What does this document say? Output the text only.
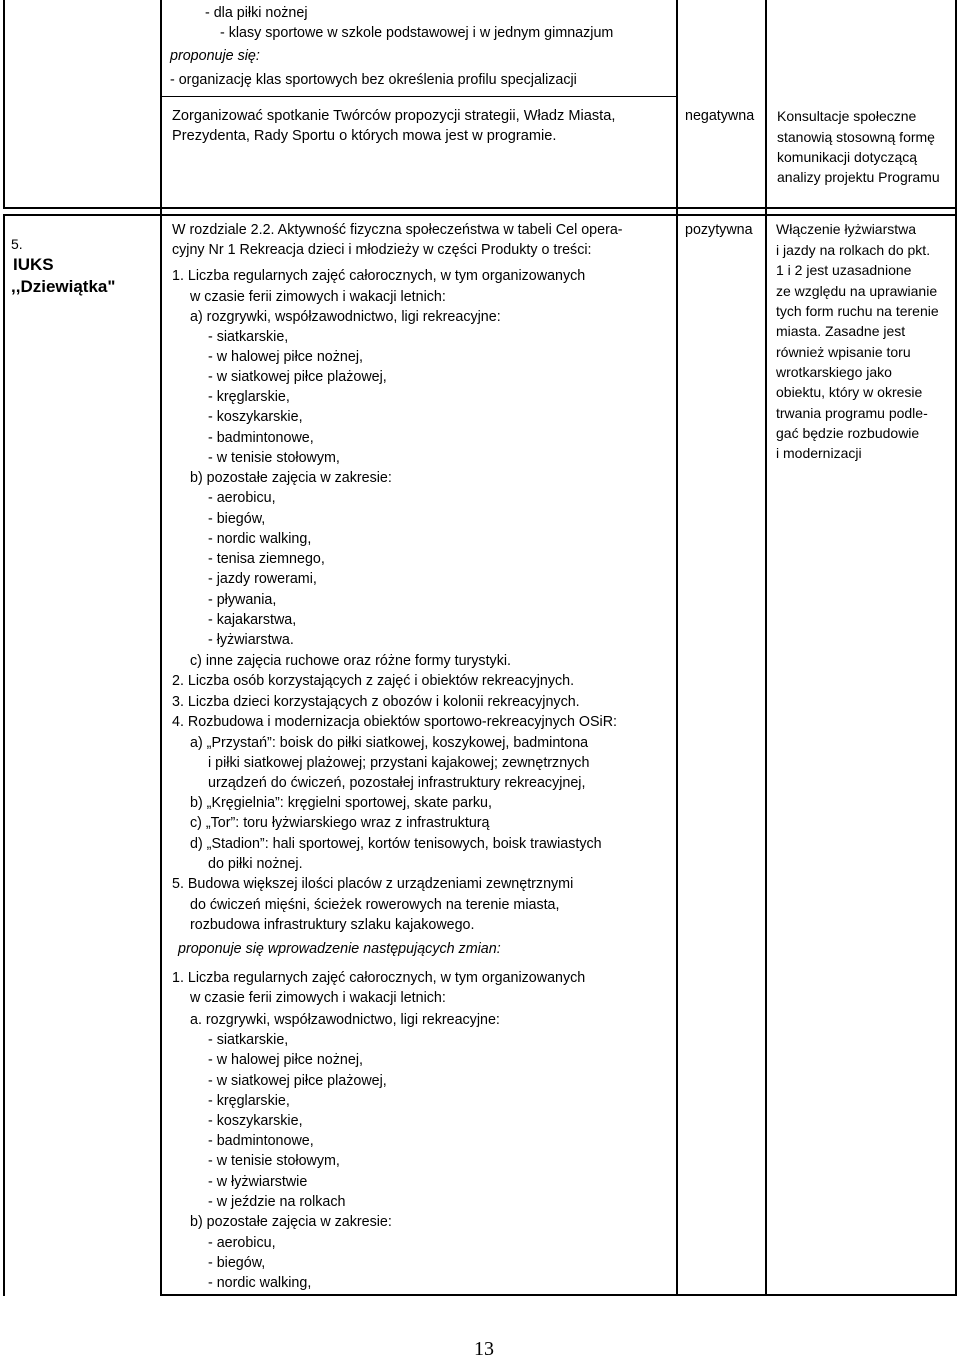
- dla piłki nożnej
- klasy sportowe w szkole podstawowej i w jednym gimnazjum
proponuje się:
- organizację klas sportowych bez określenia profilu specjalizacji
Zorganizować spotkanie Twórców propozycji strategii, Władz Miasta,
Prezydenta, Rady Sportu o których mowa jest w programie.
negatywna Konsultacje społeczne
stanowią stosowną formę
komunikacji dotyczącą
analizy projektu Programu
5.
IUKS
,,Dziewiątka"
pozytywna
W rozdziale 2.2. Aktywność fizyczna społeczeństwa w tabeli Cel opera-
cyjny Nr 1 Rekreacja dzieci i młodzieży w części Produkty o treści:
1. Liczba regularnych zajęć całorocznych, w tym organizowanych
w czasie ferii zimowych i wakacji letnich:
a) rozgrywki, współzawodnictwo, ligi rekreacyjne:
- siatkarskie,
- w halowej piłce nożnej,
- w siatkowej piłce plażowej,
- kręglarskie,
- koszykarskie,
- badmintonowe,
- w tenisie stołowym,
b) pozostałe zajęcia w zakresie:
- aerobicu,
- biegów,
- nordic walking,
- tenisa ziemnego,
- jazdy rowerami,
- pływania,
- kajakarstwa,
- łyżwiarstwa.
c) inne zajęcia ruchowe oraz różne formy turystyki.
2. Liczba osób korzystających z zajęć i obiektów rekreacyjnych.
3. Liczba dzieci korzystających z obozów i kolonii rekreacyjnych.
4. Rozbudowa i modernizacja obiektów sportowo-rekreacyjnych OSiR:
a) „Przystań”: boisk do piłki siatkowej, koszykowej, badmintona
i piłki siatkowej plażowej; przystani kajakowej; zewnętrznych
urządzeń do ćwiczeń, pozostałej infrastruktury rekreacyjnej,
b) „Kręgielnia”: kręgielni sportowej, skate parku,
c) „Tor”: toru łyżwiarskiego wraz z infrastrukturą
d) „Stadion”: hali sportowej, kortów tenisowych, boisk trawiastych
do piłki nożnej.
5. Budowa większej ilości placów z urządzeniami zewnętrznymi
do ćwiczeń mięśni, ścieżek rowerowych na terenie miasta,
rozbudowa infrastruktury szlaku kajakowego.
proponuje się wprowadzenie następujących zmian:
1. Liczba regularnych zajęć całorocznych, w tym organizowanych
w czasie ferii zimowych i wakacji letnich:
a. rozgrywki, współzawodnictwo, ligi rekreacyjne:
- siatkarskie,
- w halowej piłce nożnej,
- w siatkowej piłce plażowej,
- kręglarskie,
- koszykarskie,
- badmintonowe,
- w tenisie stołowym,
- w łyżwiarstwie
- w jeździe na rolkach
b) pozostałe zajęcia w zakresie:
- aerobicu,
- biegów,
- nordic walking,
Włączenie łyżwiarstwa
i jazdy na rolkach do pkt.
1 i 2 jest uzasadnione
ze względu na uprawianie
tych form ruchu na terenie
miasta. Zasadne jest
również wpisanie toru
wrotkarskiego jako
obiektu, który w okresie
trwania programu podle-
gać będzie rozbudowie
i modernizacji
13
